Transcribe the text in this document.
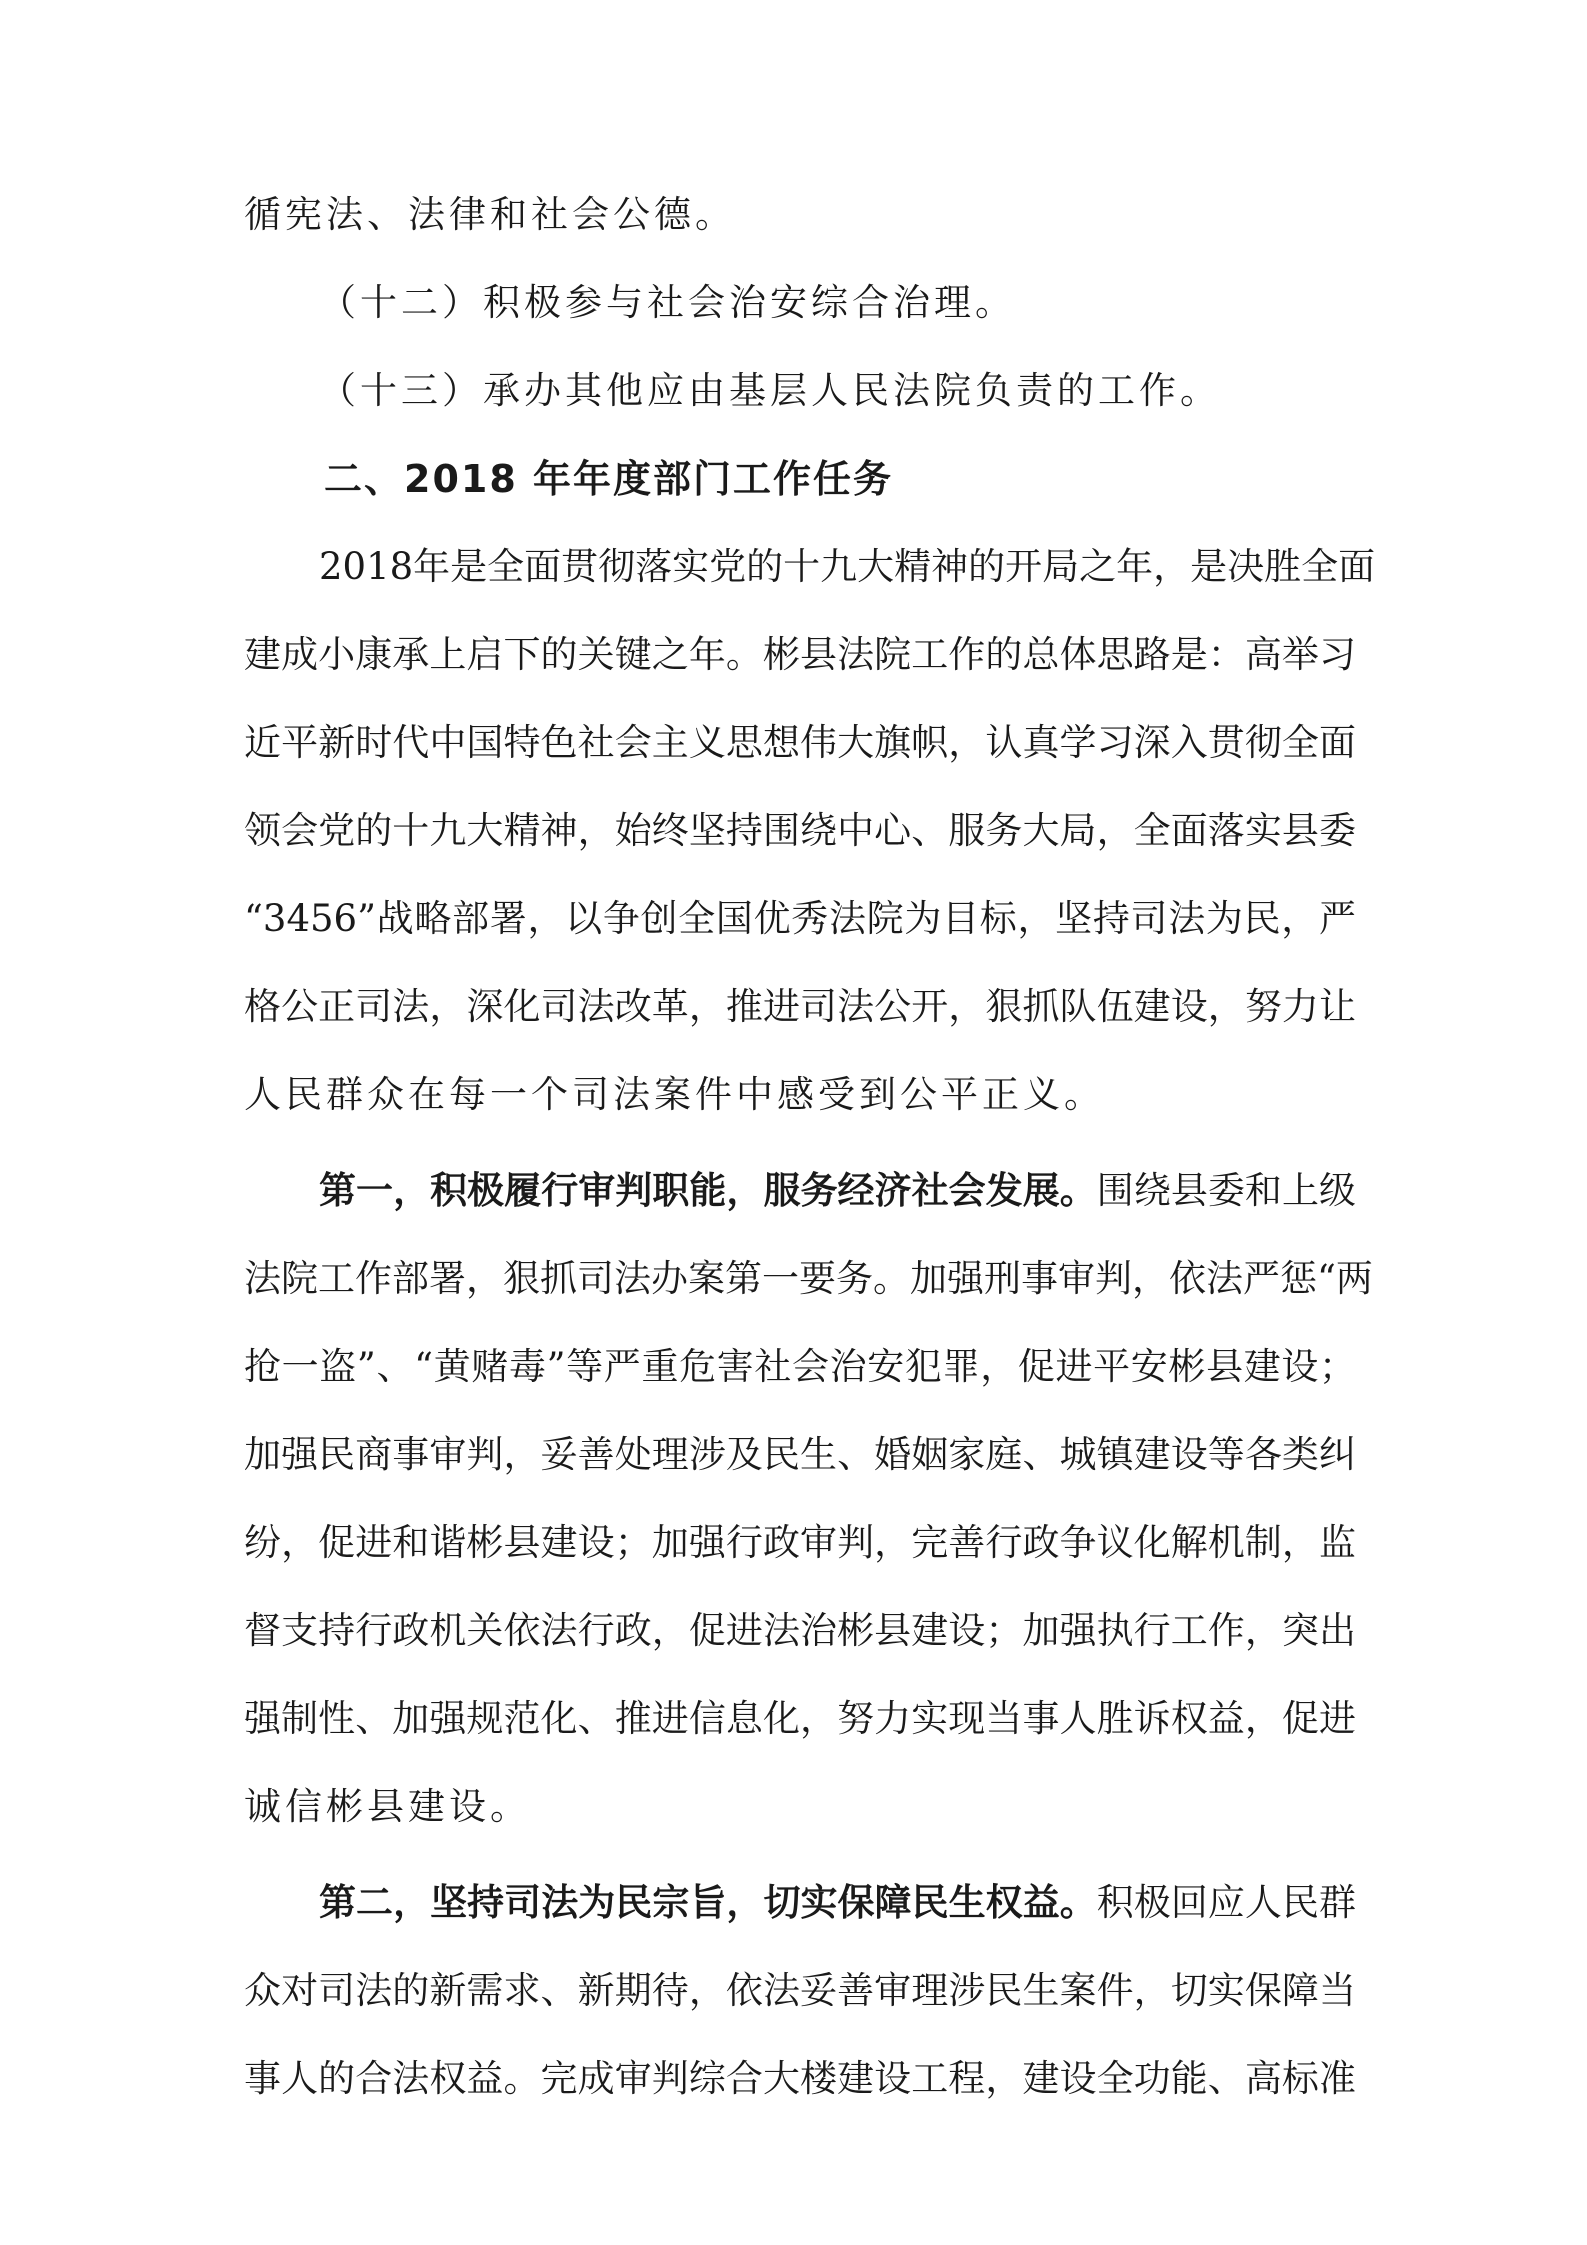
循宪法、法律和社会公德。
（十二）积极参与社会治安综合治理。
（十三）承办其他应由基层人民法院负责的工作。
二、2018 年年度部门工作任务
2018年是全面贯彻落实党的十九大精神的开局之年，是决胜全面
建成小康承上启下的关键之年。彬县法院工作的总体思路是：高举习
近平新时代中国特色社会主义思想伟大旗帜，认真学习深入贯彻全面
领会党的十九大精神，始终坚持围绕中心、服务大局，全面落实县委
“3456”战略部署，以争创全国优秀法院为目标，坚持司法为民，严
格公正司法，深化司法改革，推进司法公开，狠抓队伍建设，努力让
人民群众在每一个司法案件中感受到公平正义。
第一，积极履行审判职能，服务经济社会发展。围绕县委和上级
法院工作部署，狠抓司法办案第一要务。加强刑事审判，依法严惩“两
抢一盗”、“黄赌毒”等严重危害社会治安犯罪，促进平安彬县建设；
加强民商事审判，妥善处理涉及民生、婚姻家庭、城镇建设等各类纠
纷，促进和谐彬县建设；加强行政审判，完善行政争议化解机制，监
督支持行政机关依法行政，促进法治彬县建设；加强执行工作，突出
强制性、加强规范化、推进信息化，努力实现当事人胜诉权益，促进
诚信彬县建设。
第二，坚持司法为民宗旨，切实保障民生权益。积极回应人民群
众对司法的新需求、新期待，依法妥善审理涉民生案件，切实保障当
事人的合法权益。完成审判综合大楼建设工程，建设全功能、高标准
